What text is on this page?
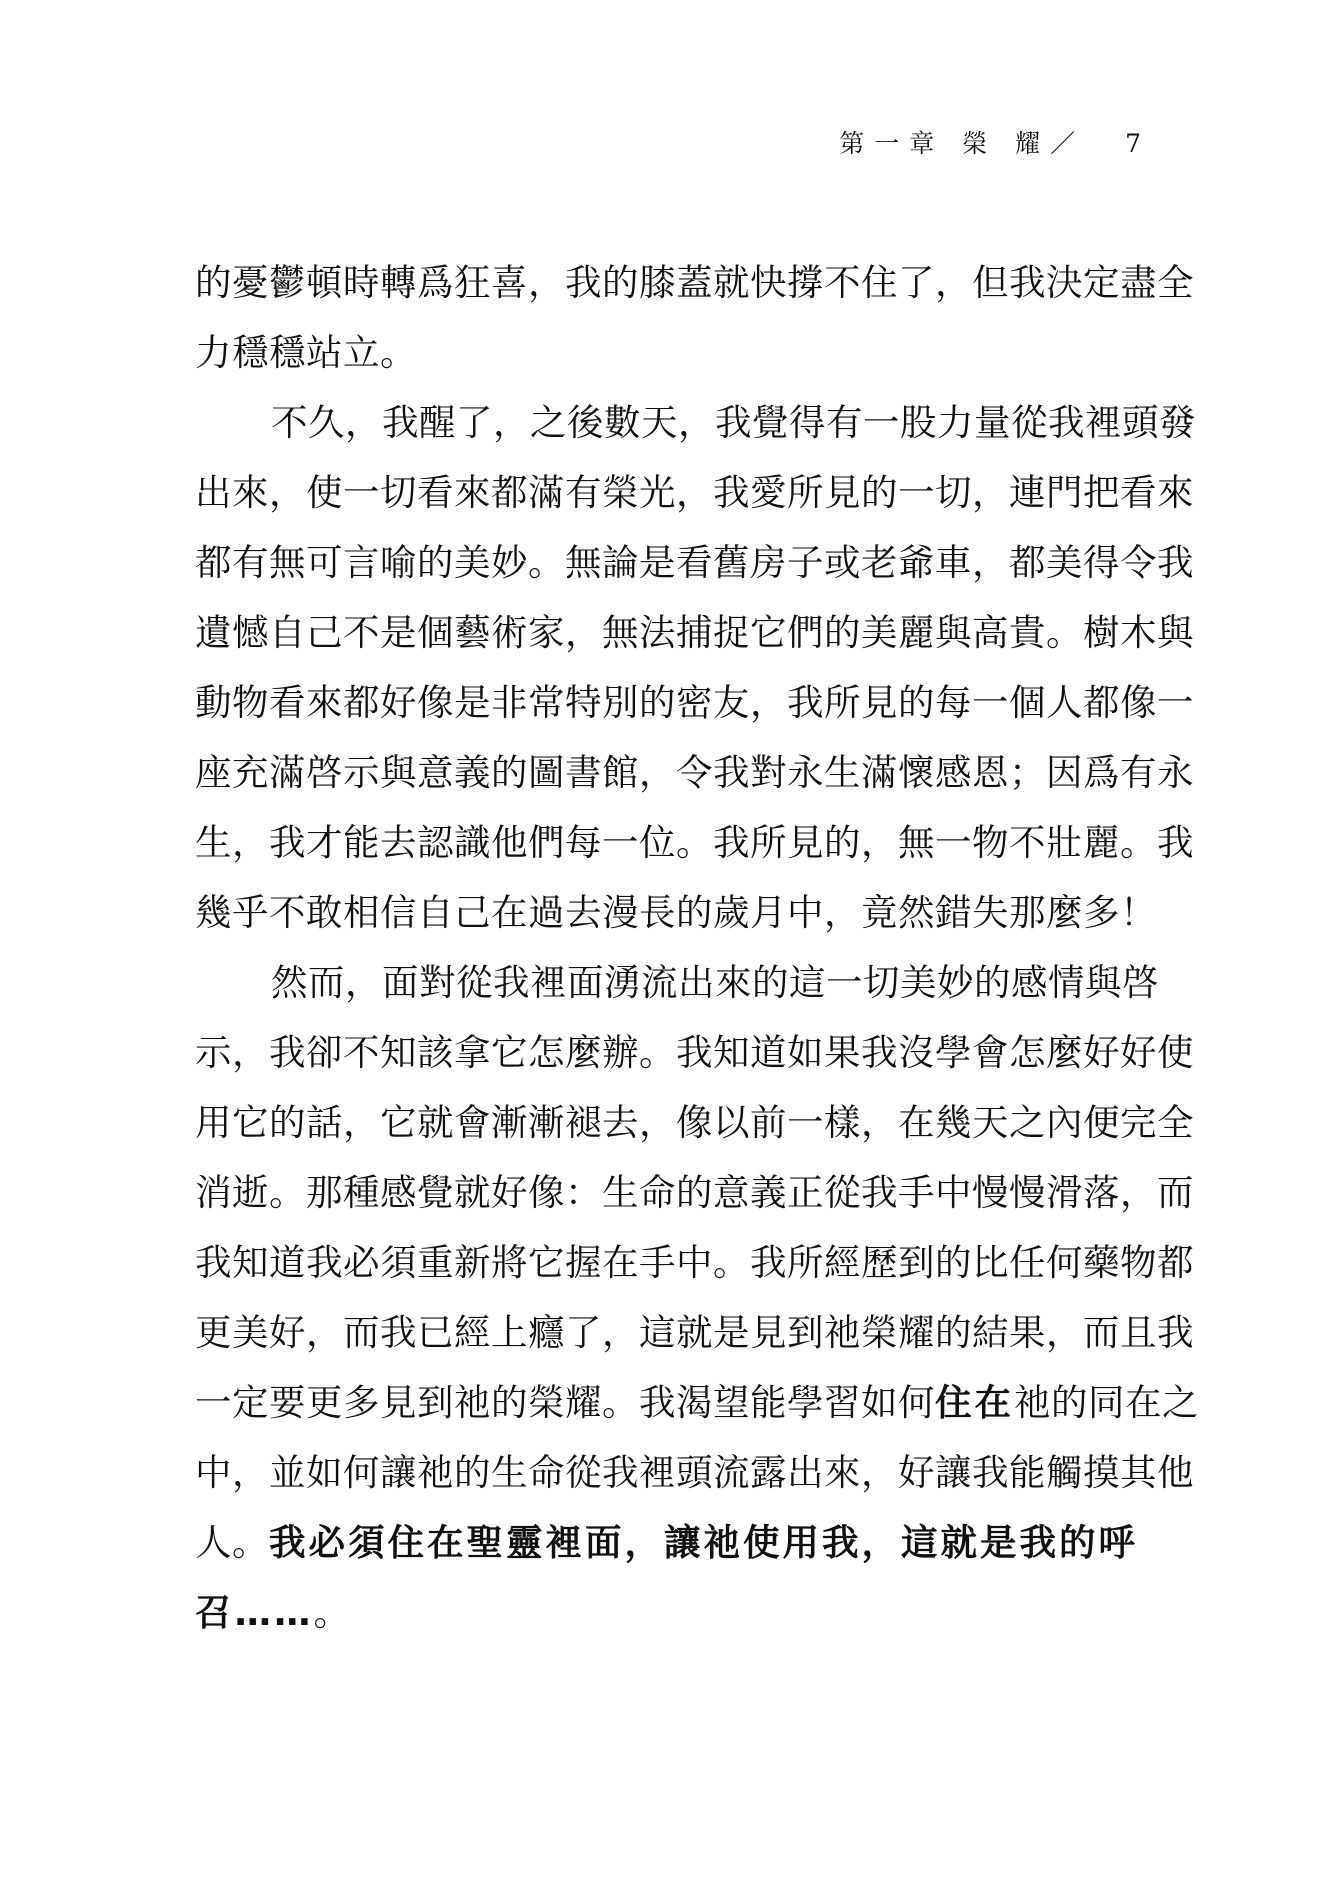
第一章 榮 耀／ 7
的憂鬱頓時轉爲狂喜，我的膝蓋就快撐不住了，但我決定盡全
力穩穩站立。
不久，我醒了，之後數天，我覺得有一股力量從我裡頭發
出來，使一切看來都滿有榮光，我愛所見的一切，連門把看來
都有無可言喻的美妙。無論是看舊房子或老爺車，都美得令我
遺憾自己不是個藝術家，無法捕捉它們的美麗與高貴。樹木與
動物看來都好像是非常特別的密友，我所見的每一個人都像一
座充滿啓示與意義的圖書館，令我對永生滿懷感恩；因爲有永
生，我才能去認識他們每一位。我所見的，無一物不壯麗。我
幾乎不敢相信自己在過去漫長的歲月中，竟然錯失那麼多！
然而，面對從我裡面湧流出來的這一切美妙的感情與啓
示，我卻不知該拿它怎麼辦。我知道如果我沒學會怎麼好好使
用它的話，它就會漸漸褪去，像以前一樣，在幾天之內便完全
消逝。那種感覺就好像：生命的意義正從我手中慢慢滑落，而
我知道我必須重新將它握在手中。我所經歷到的比任何藥物都
更美好，而我已經上癮了，這就是見到祂榮耀的結果，而且我
一定要更多見到祂的榮耀。我渴望能學習如何住在祂的同在之
中，並如何讓祂的生命從我裡頭流露出來，好讓我能觸摸其他
人。我必須住在聖靈裡面，讓祂使用我，這就是我的呼
召……。
